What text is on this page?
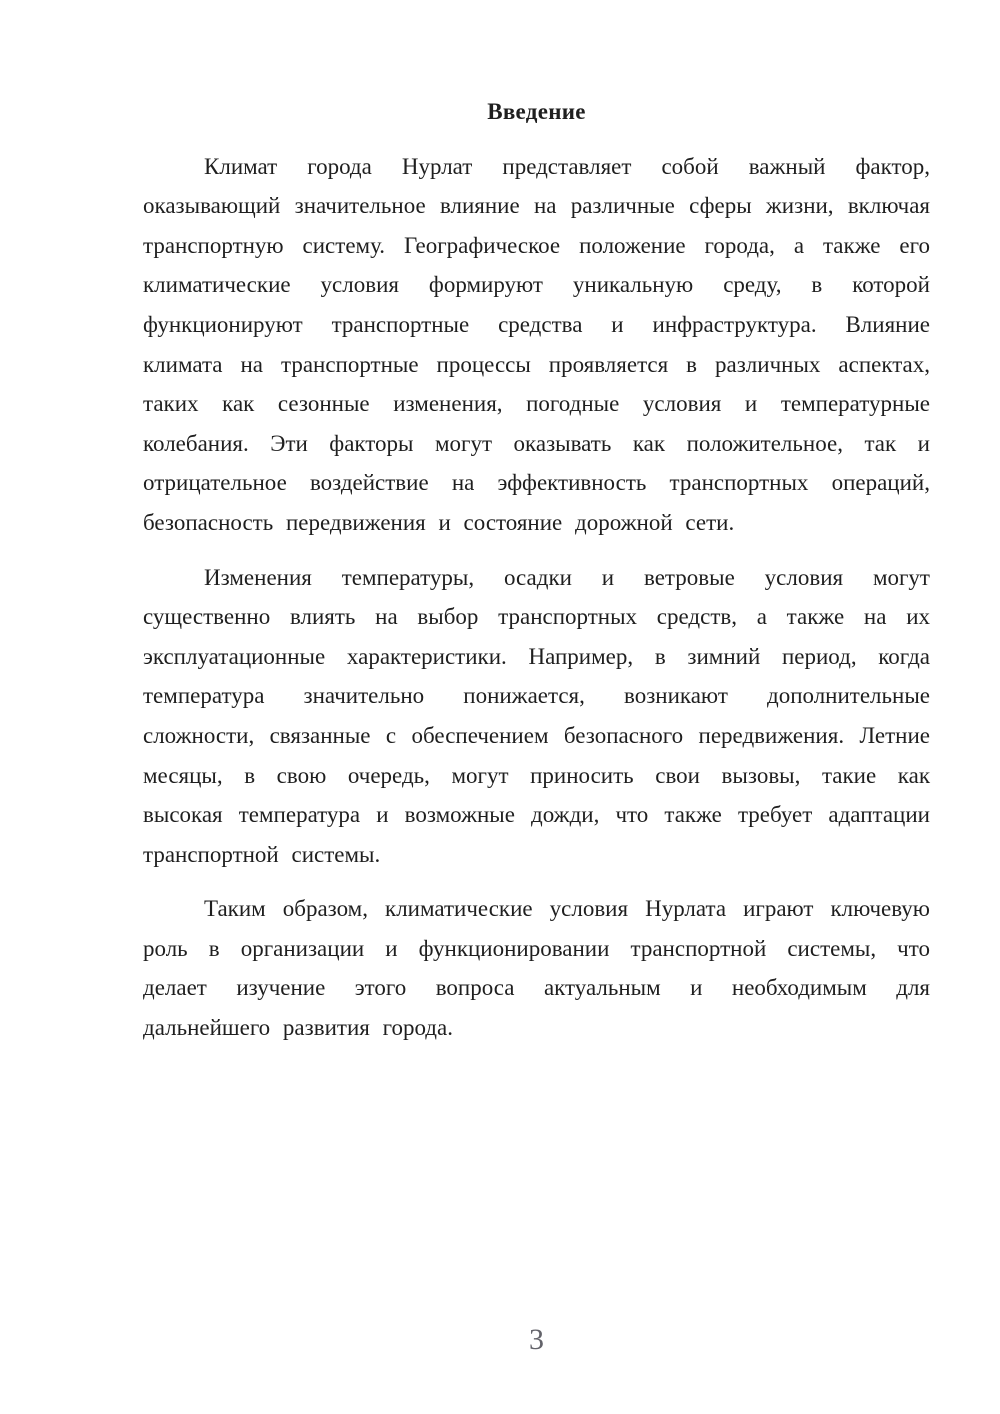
Введение

Климат города Нурлат представляет собой важный фактор, оказывающий значительное влияние на различные сферы жизни, включая транспортную систему. Географическое положение города, а также его климатические условия формируют уникальную среду, в которой функционируют транспортные средства и инфраструктура. Влияние климата на транспортные процессы проявляется в различных аспектах, таких как сезонные изменения, погодные условия и температурные колебания. Эти факторы могут оказывать как положительное, так и отрицательное воздействие на эффективность транспортных операций, безопасность передвижения и состояние дорожной сети.

Изменения температуры, осадки и ветровые условия могут существенно влиять на выбор транспортных средств, а также на их эксплуатационные характеристики. Например, в зимний период, когда температура значительно понижается, возникают дополнительные сложности, связанные с обеспечением безопасного передвижения. Летние месяцы, в свою очередь, могут приносить свои вызовы, такие как высокая температура и возможные дожди, что также требует адаптации транспортной системы.

Таким образом, климатические условия Нурлата играют ключевую роль в организации и функционировании транспортной системы, что делает изучение этого вопроса актуальным и необходимым для дальнейшего развития города.

3
